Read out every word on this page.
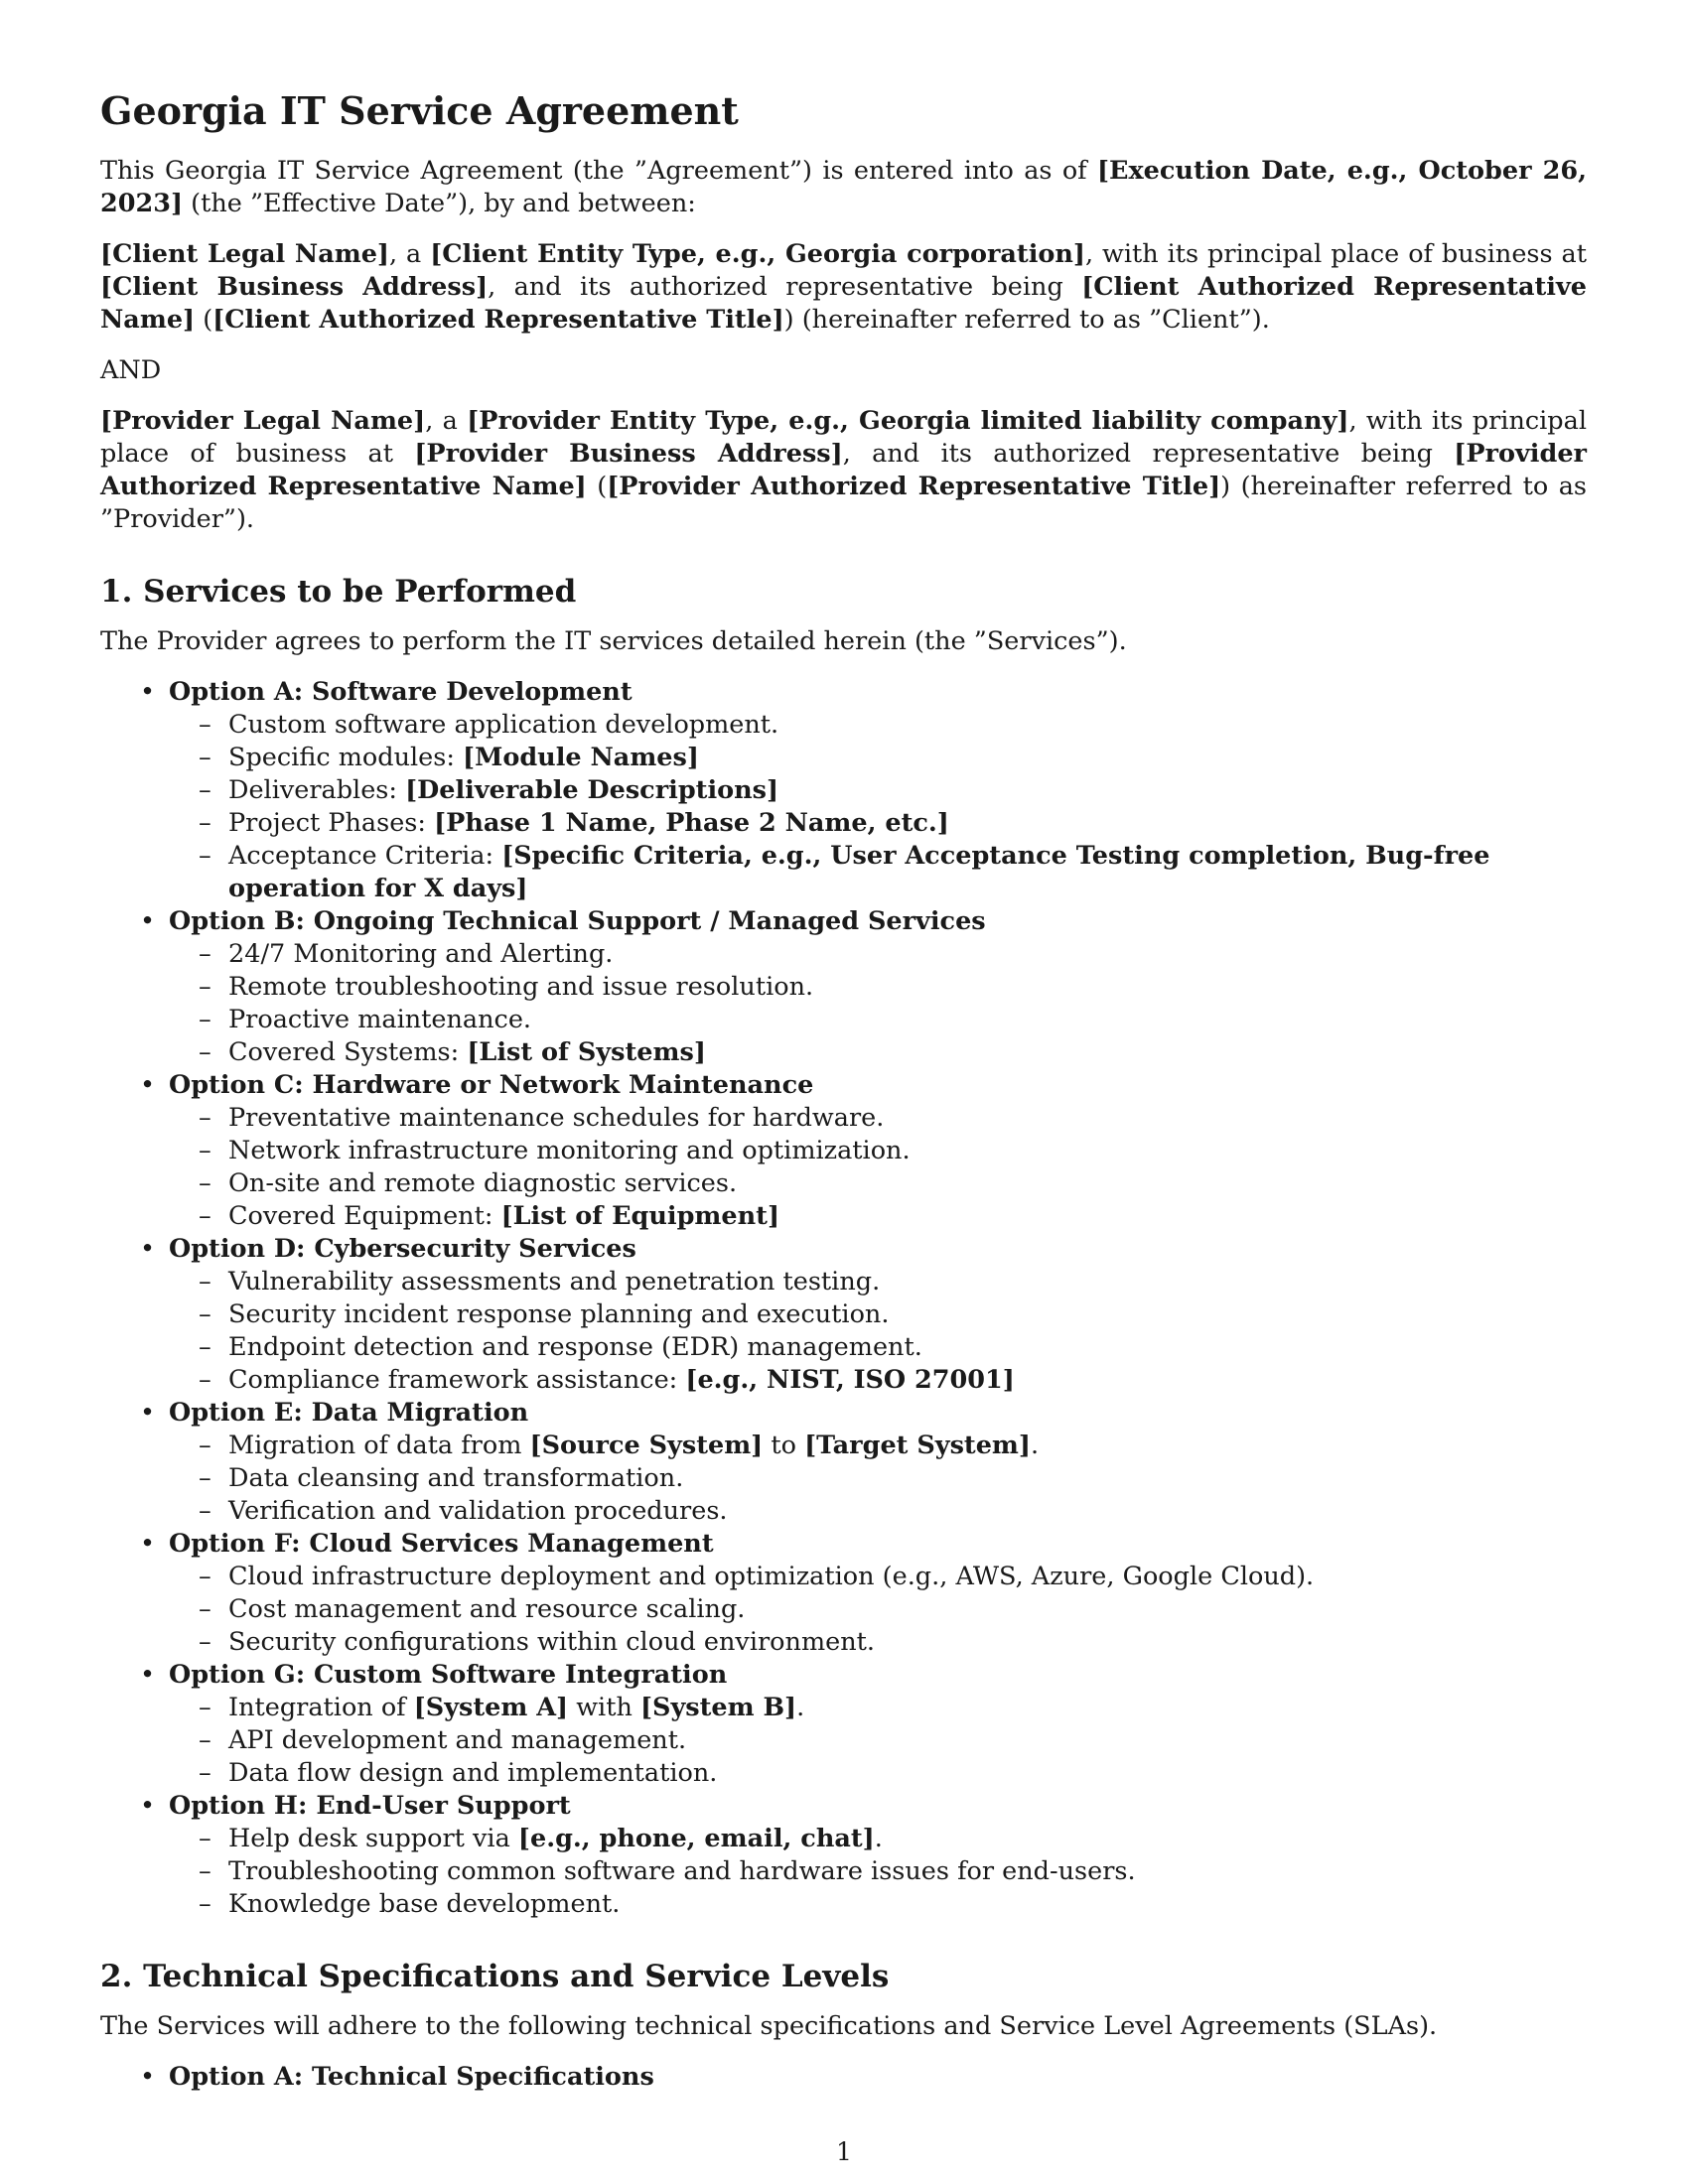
Georgia IT Service Agreement

This Georgia IT Service Agreement (the ”Agreement”) is entered into as of [Execution Date, e.g., October 26, 2023] (the ”Effective Date”), by and between:

[Client Legal Name], a [Client Entity Type, e.g., Georgia corporation], with its principal place of business at [Client Business Address], and its authorized representative being [Client Authorized Representative Name] ([Client Authorized Representative Title]) (hereinafter referred to as ”Client”).

AND

[Provider Legal Name], a [Provider Entity Type, e.g., Georgia limited liability company], with its principal place of business at [Provider Business Address], and its authorized representative being [Provider Authorized Representative Name] ([Provider Authorized Representative Title]) (hereinafter referred to as ”Provider”).

1. Services to be Performed

The Provider agrees to perform the IT services detailed herein (the ”Services”).

• Option A: Software Development
– Custom software application development.
– Specific modules: [Module Names]
– Deliverables: [Deliverable Descriptions]
– Project Phases: [Phase 1 Name, Phase 2 Name, etc.]
– Acceptance Criteria: [Specific Criteria, e.g., User Acceptance Testing completion, Bug-free operation for X days]
• Option B: Ongoing Technical Support / Managed Services
– 24/7 Monitoring and Alerting.
– Remote troubleshooting and issue resolution.
– Proactive maintenance.
– Covered Systems: [List of Systems]
• Option C: Hardware or Network Maintenance
– Preventative maintenance schedules for hardware.
– Network infrastructure monitoring and optimization.
– On-site and remote diagnostic services.
– Covered Equipment: [List of Equipment]
• Option D: Cybersecurity Services
– Vulnerability assessments and penetration testing.
– Security incident response planning and execution.
– Endpoint detection and response (EDR) management.
– Compliance framework assistance: [e.g., NIST, ISO 27001]
• Option E: Data Migration
– Migration of data from [Source System] to [Target System].
– Data cleansing and transformation.
– Verification and validation procedures.
• Option F: Cloud Services Management
– Cloud infrastructure deployment and optimization (e.g., AWS, Azure, Google Cloud).
– Cost management and resource scaling.
– Security configurations within cloud environment.
• Option G: Custom Software Integration
– Integration of [System A] with [System B].
– API development and management.
– Data flow design and implementation.
• Option H: End-User Support
– Help desk support via [e.g., phone, email, chat].
– Troubleshooting common software and hardware issues for end-users.
– Knowledge base development.
2. Technical Specifications and Service Levels

The Services will adhere to the following technical specifications and Service Level Agreements (SLAs).

• Option A: Technical Specifications
1
